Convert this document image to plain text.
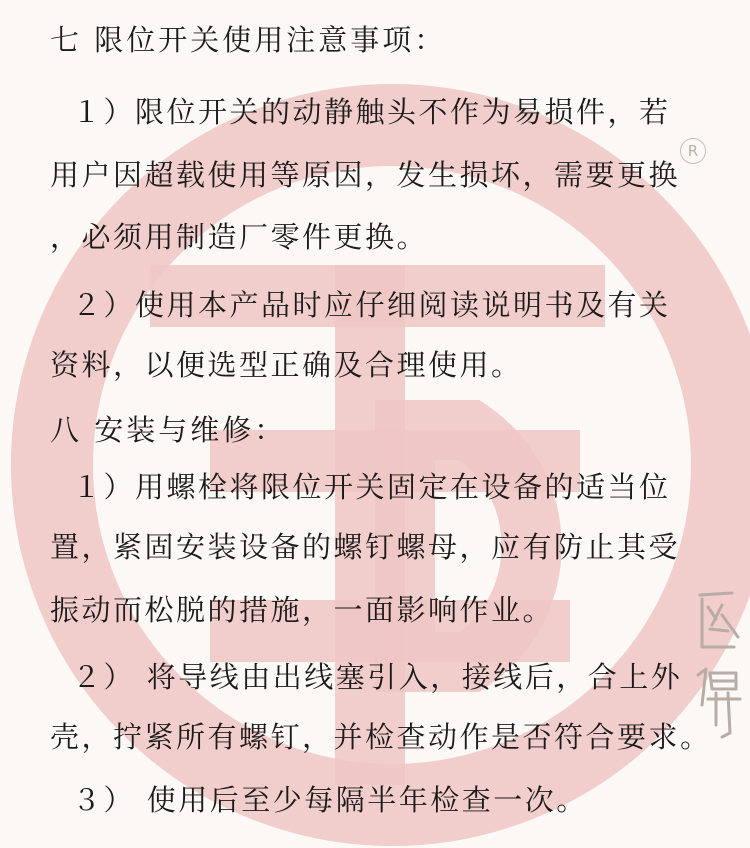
R
七 限位开关使用注意事项：
１）限位开关的动静触头不作为易损件，若
用户因超载使用等原因，发生损坏，需要更换
，必须用制造厂零件更换。
２）使用本产品时应仔细阅读说明书及有关
资料，以便选型正确及合理使用。
八 安装与维修：
１）用螺栓将限位开关固定在设备的适当位
置，紧固安装设备的螺钉螺母，应有防止其受
振动而松脱的措施，一面影响作业。
２） 将导线由出线塞引入，接线后，合上外
壳，拧紧所有螺钉，并检查动作是否符合要求。
３） 使用后至少每隔半年检查一次。
